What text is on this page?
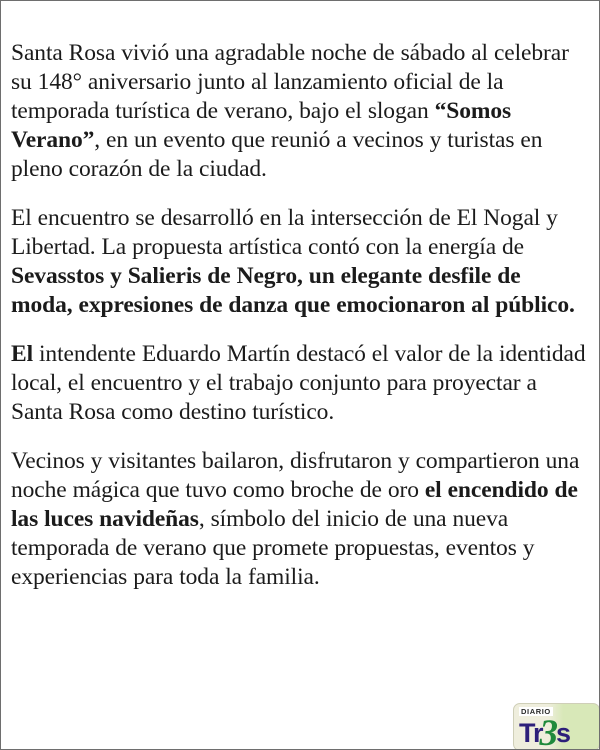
Santa Rosa vivió una agradable noche de sábado al celebrar su 148° aniversario junto al lanzamiento oficial de la temporada turística de verano, bajo el slogan “Somos Verano”, en un evento que reunió a vecinos y turistas en pleno corazón de la ciudad.

El encuentro se desarrolló en la intersección de El Nogal y Libertad. La propuesta artística contó con la energía de Sevasstos y Salieris de Negro, un elegante desfile de moda, expresiones de danza que emocionaron al público.

El intendente Eduardo Martín destacó el valor de la identidad local, el encuentro y el trabajo conjunto para proyectar a Santa Rosa como destino turístico.

Vecinos y visitantes bailaron, disfrutaron y compartieron una noche mágica que tuvo como broche de oro el encendido de las luces navideñas, símbolo del inicio de una nueva temporada de verano que promete propuestas, eventos y experiencias para toda la familia.

DIARIO
Tr3s
